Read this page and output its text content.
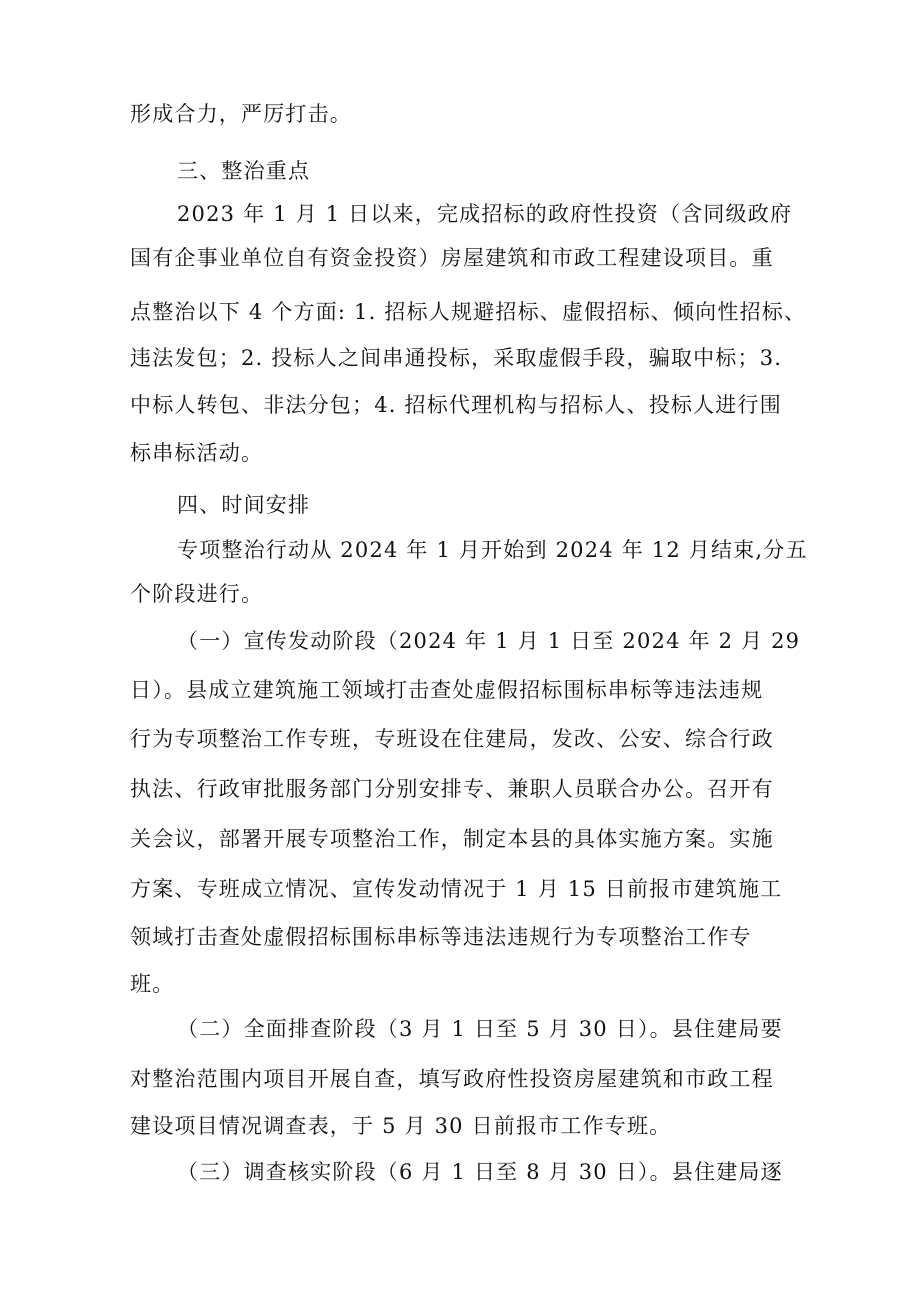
形成合力，严厉打击。
三、整治重点
2023 年 1 月 1 日以来，完成招标的政府性投资（含同级政府
国有企事业单位自有资金投资）房屋建筑和市政工程建设项目。重
点整治以下 4 个方面: 1. 招标人规避招标、虚假招标、倾向性招标、
违法发包；2. 投标人之间串通投标，采取虚假手段，骗取中标；3.
中标人转包、非法分包；4. 招标代理机构与招标人、投标人进行围
标串标活动。
四、时间安排
专项整治行动从 2024 年 1 月开始到 2024 年 12 月结束,分五
个阶段进行。
（一）宣传发动阶段（2024 年 1 月 1 日至 2024 年 2 月 29
日）。县成立建筑施工领域打击查处虚假招标围标串标等违法违规
行为专项整治工作专班，专班设在住建局，发改、公安、综合行政
执法、行政审批服务部门分别安排专、兼职人员联合办公。召开有
关会议，部署开展专项整治工作，制定本县的具体实施方案。实施
方案、专班成立情况、宣传发动情况于 1 月 15 日前报市建筑施工
领域打击查处虚假招标围标串标等违法违规行为专项整治工作专
班。
（二）全面排查阶段（3 月 1 日至 5 月 30 日）。县住建局要
对整治范围内项目开展自查，填写政府性投资房屋建筑和市政工程
建设项目情况调查表，于 5 月 30 日前报市工作专班。
（三）调查核实阶段（6 月 1 日至 8 月 30 日）。县住建局逐
